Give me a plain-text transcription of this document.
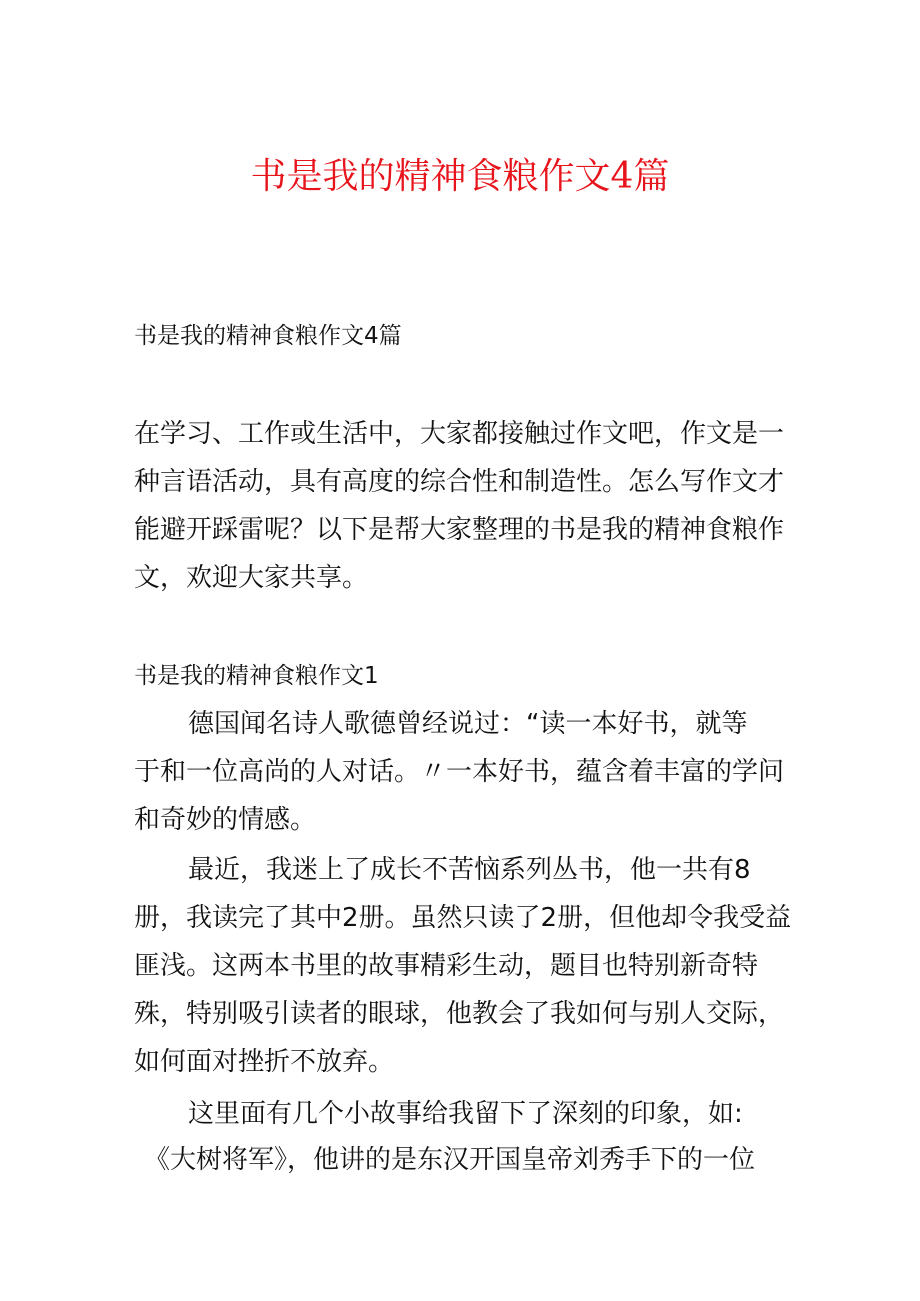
书是我的精神食粮作文4篇
书是我的精神食粮作文4篇
在学习、工作或生活中，大家都接触过作文吧，作文是一
种言语活动，具有高度的综合性和制造性。怎么写作文才
能避开踩雷呢？以下是帮大家整理的书是我的精神食粮作
文，欢迎大家共享。
书是我的精神食粮作文1
德国闻名诗人歌德曾经说过：“读一本好书，就等
于和一位高尚的人对话。〃一本好书，蕴含着丰富的学问
和奇妙的情感。
最近，我迷上了成长不苦恼系列丛书，他一共有8
册，我读完了其中2册。虽然只读了2册，但他却令我受益
匪浅。这两本书里的故事精彩生动，题目也特别新奇特
殊，特别吸引读者的眼球，他教会了我如何与别人交际，
如何面对挫折不放弃。
这里面有几个小故事给我留下了深刻的印象，如:
《大树将军》，他讲的是东汉开国皇帝刘秀手下的一位
